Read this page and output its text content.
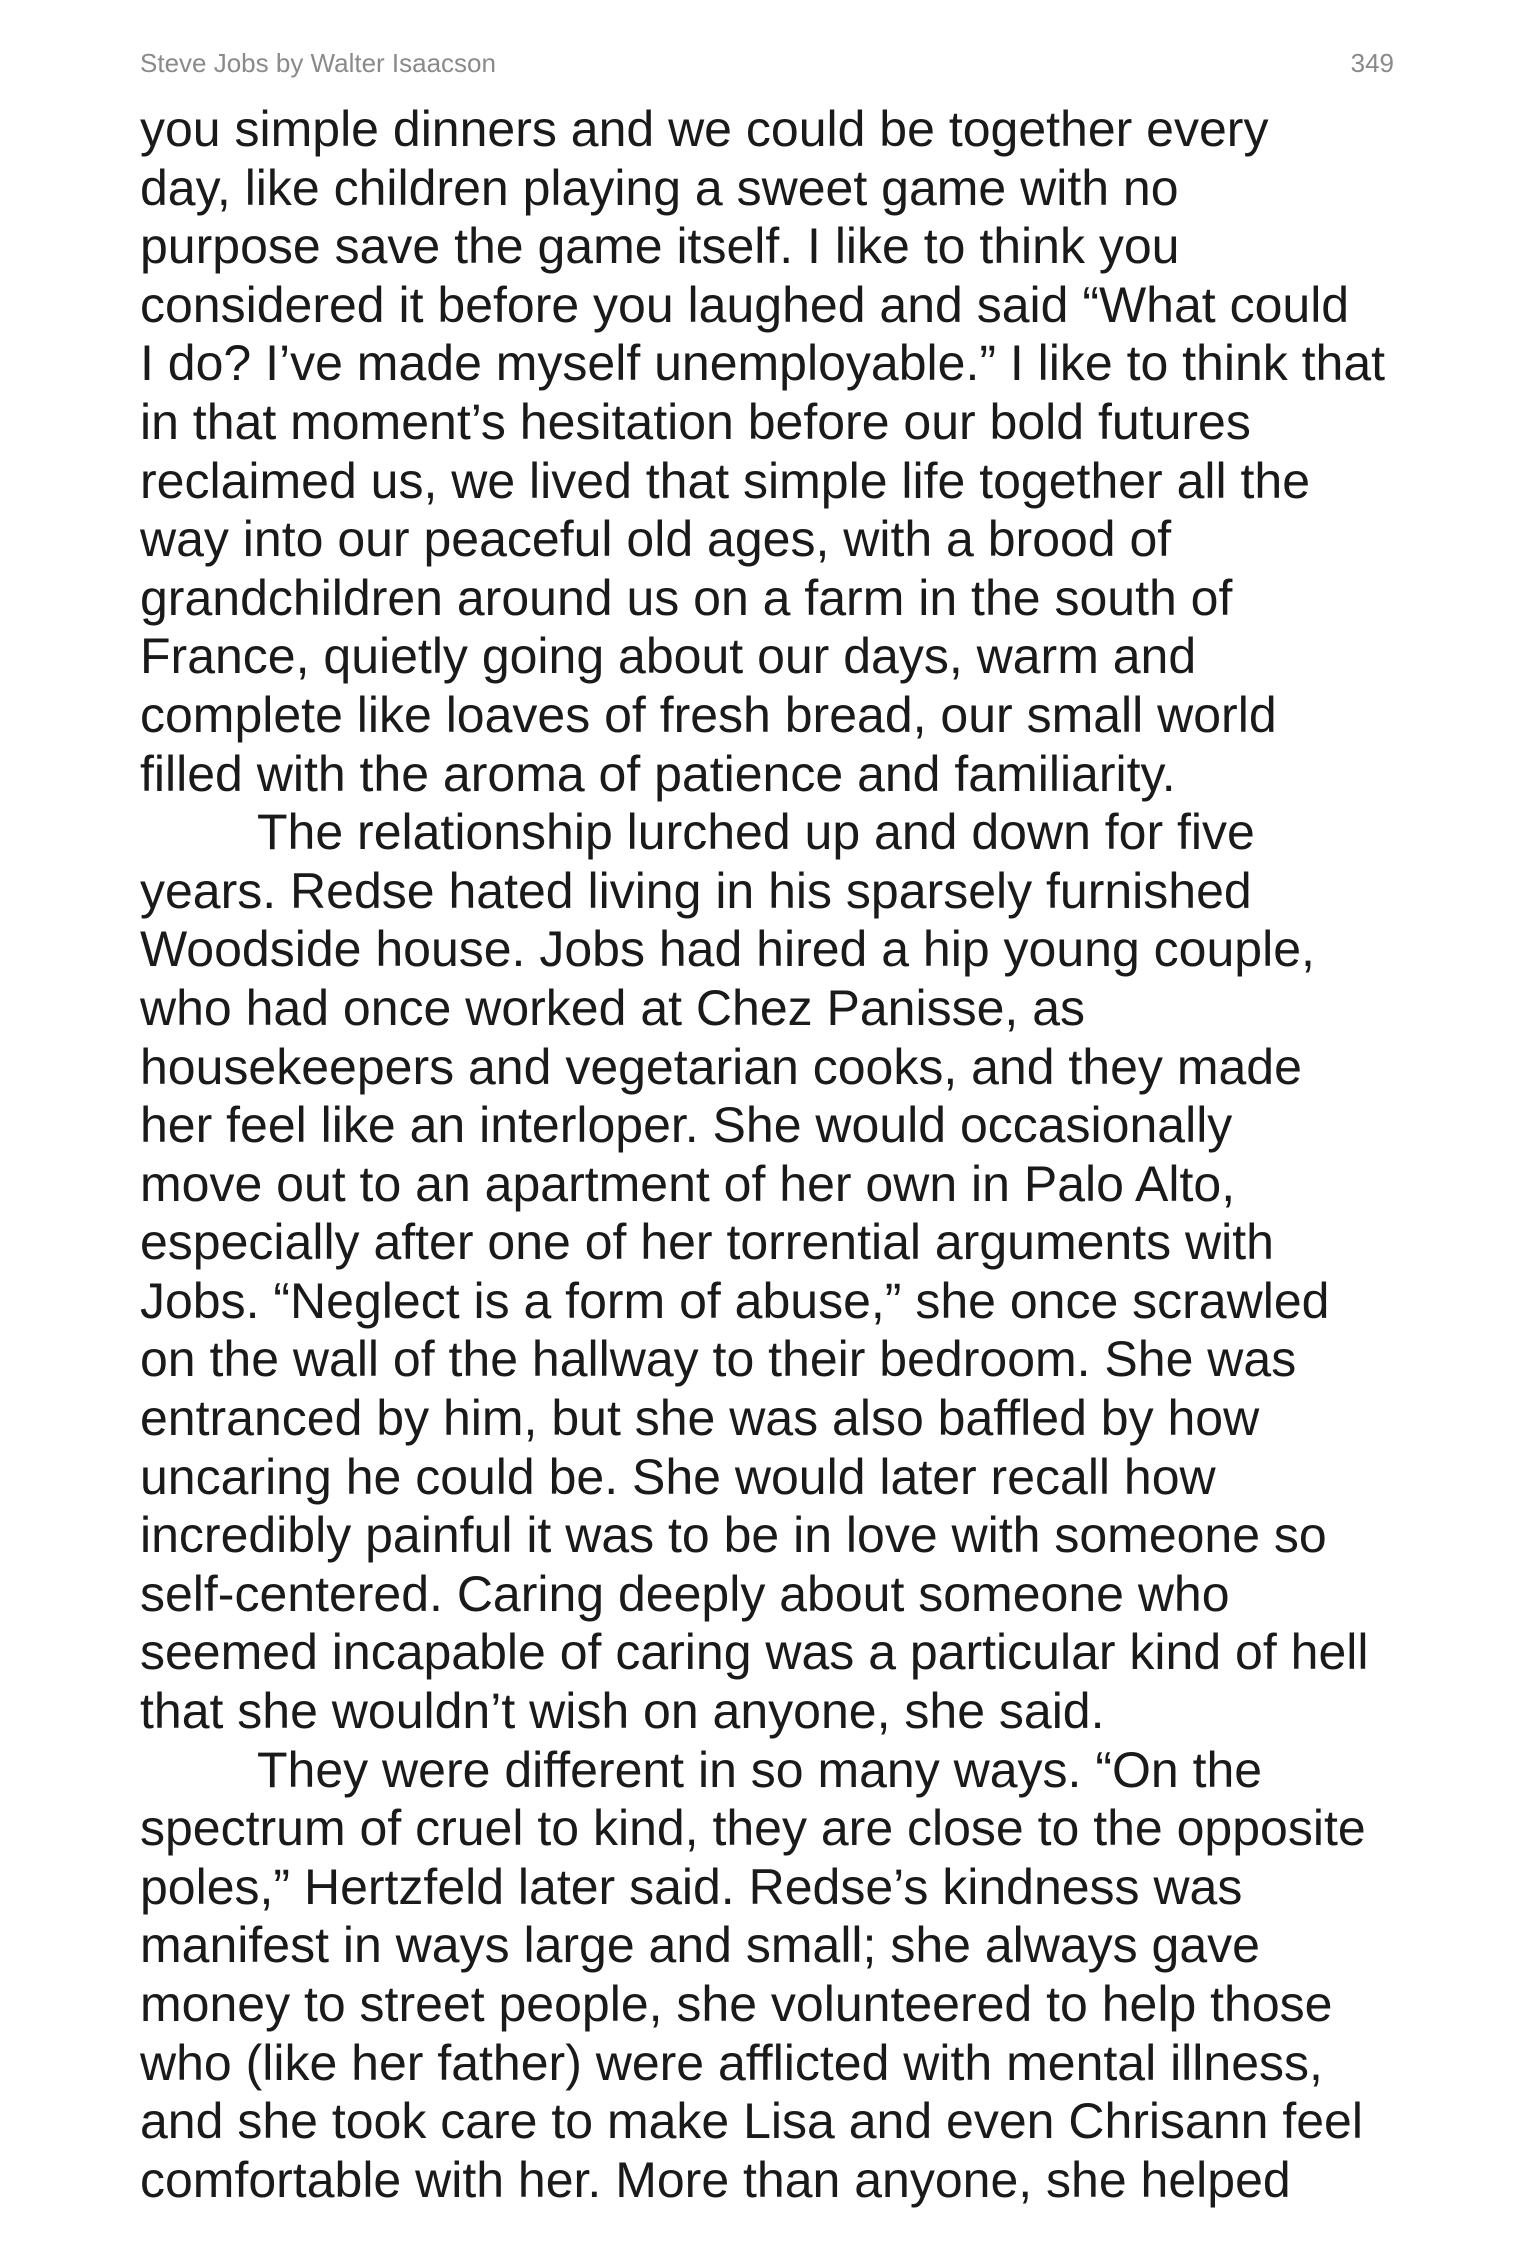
Steve Jobs by Walter Isaacson	349
you simple dinners and we could be together every
day, like children playing a sweet game with no
purpose save the game itself. I like to think you
considered it before you laughed and said “What could
I do? I’ve made myself unemployable.” I like to think that
in that moment’s hesitation before our bold futures
reclaimed us, we lived that simple life together all the
way into our peaceful old ages, with a brood of
grandchildren around us on a farm in the south of
France, quietly going about our days, warm and
complete like loaves of fresh bread, our small world
filled with the aroma of patience and familiarity.
The relationship lurched up and down for five
years. Redse hated living in his sparsely furnished
Woodside house. Jobs had hired a hip young couple,
who had once worked at Chez Panisse, as
housekeepers and vegetarian cooks, and they made
her feel like an interloper. She would occasionally
move out to an apartment of her own in Palo Alto,
especially after one of her torrential arguments with
Jobs. “Neglect is a form of abuse,” she once scrawled
on the wall of the hallway to their bedroom. She was
entranced by him, but she was also baffled by how
uncaring he could be. She would later recall how
incredibly painful it was to be in love with someone so
self-centered. Caring deeply about someone who
seemed incapable of caring was a particular kind of hell
that she wouldn’t wish on anyone, she said.
They were different in so many ways. “On the
spectrum of cruel to kind, they are close to the opposite
poles,” Hertzfeld later said. Redse’s kindness was
manifest in ways large and small; she always gave
money to street people, she volunteered to help those
who (like her father) were afflicted with mental illness,
and she took care to make Lisa and even Chrisann feel
comfortable with her. More than anyone, she helped
